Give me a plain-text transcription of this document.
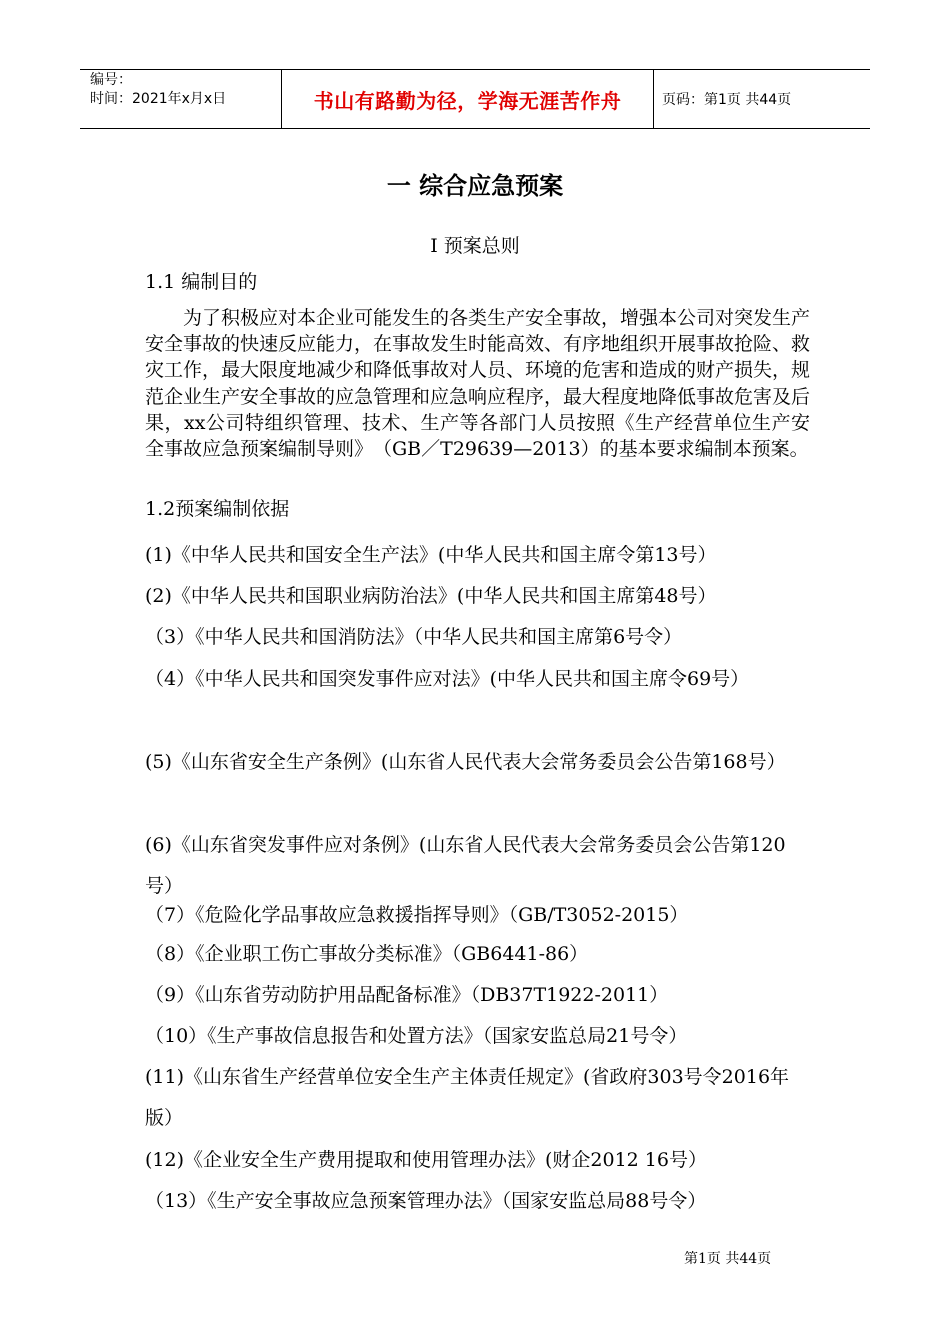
编号：
时间：2021年x月x日	书山有路勤为径，学海无涯苦作舟	页码：第1页 共44页
一 综合应急预案
Ⅰ 预案总则
1.1 编制目的
为了积极应对本企业可能发生的各类生产安全事故，增强本公司对突发生产安全事故的快速反应能力，在事故发生时能高效、有序地组织开展事故抢险、救灾工作，最大限度地减少和降低事故对人员、环境的危害和造成的财产损失，规范企业生产安全事故的应急管理和应急响应程序，最大程度地降低事故危害及后果，xx公司特组织管理、技术、生产等各部门人员按照《生产经营单位生产安全事故应急预案编制导则》　（GB／T29639—2013）的基本要求编制本预案。
1.2预案编制依据
(1)《中华人民共和国安全生产法》(中华人民共和国主席令第13号）
(2)《中华人民共和国职业病防治法》(中华人民共和国主席第48号）
（3）《中华人民共和国消防法》（中华人民共和国主席第6号令）
（4）《中华人民共和国突发事件应对法》(中华人民共和国主席令69号）
(5)《山东省安全生产条例》(山东省人民代表大会常务委员会公告第168号）
(6)《山东省突发事件应对条例》(山东省人民代表大会常务委员会公告第120号）
（7）《危险化学品事故应急救援指挥导则》（GB/T3052-2015）
（8）《企业职工伤亡事故分类标准》（GB6441-86）
（9）《山东省劳动防护用品配备标准》（DB37T1922-2011）
（10）《生产事故信息报告和处置方法》（国家安监总局21号令）
(11)《山东省生产经营单位安全生产主体责任规定》(省政府303号令2016年版）
(12)《企业安全生产费用提取和使用管理办法》(财企2012 16号）
（13）《生产安全事故应急预案管理办法》（国家安监总局88号令）
第1页 共44页
